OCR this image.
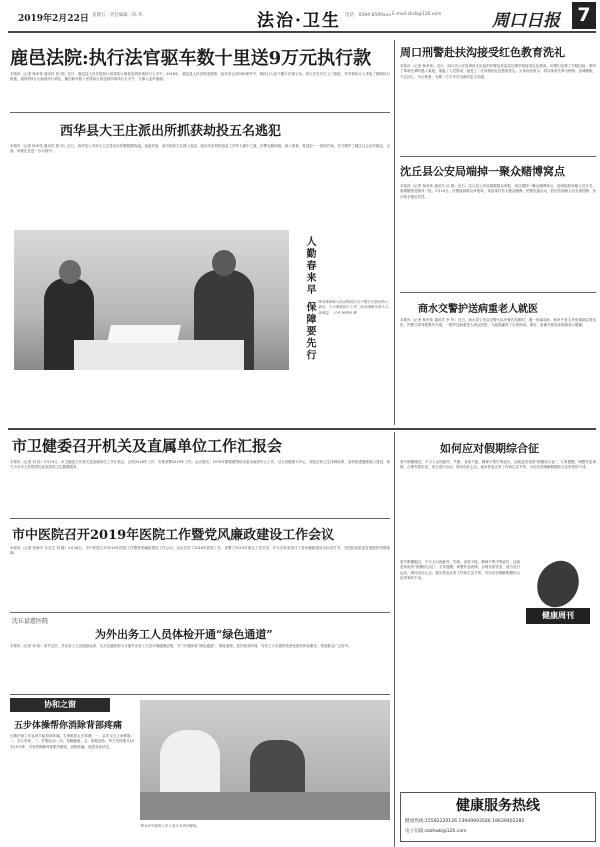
2019年2月22日 星期五 · 责任编辑 · 陈 华	法治·卫生 电话：0394-8599xxx E-mail:zkrb@126.com	周口日报 7
鹿邑法院:执行法官驱车数十里送9万元执行款
本报讯（记者 杨孝伟 通讯员 张 明）近日，鹿邑县人民法院执行局将执行案款送到申请执行人手中。2018年，鹿邑县人民法院受理的一起劳务合同纠纷案件中，被执行人拒不履行法律义务。执行法官多次上门督促，并对被执行人采取了强制执行措施，最终将9万元案款执行到位，随后驱车数十里将执行款送到申请执行人手中，当事人连声道谢。
西华县大王庄派出所抓获劫投五名逃犯
本报讯（记者 杨孝伟 通讯员 郭 伟）近日，西华县公安局大王庄派出所民警根据线索，连续作战，成功抓获五名网上逃犯。派出所坚持把追逃工作作为重中之重，民警克服困难，深入排查，将逃犯一一抓获归案，有力维护了辖区社会治安稳定。目前，该案正在进一步办理中。
人勤春来早 保障要先行 图为郸城县人民法院执行局干警正在整理执行案卷，全力推进执行工作，依法保障当事人合法权益。 记者 杨孝伟 摄
周口刑警赴扶沟接受红色教育洗礼
本报讯（记者 杨孝伟）近日，周口市公安局刑侦支队组织民警赴扶沟县吕潭学校接受红色教育。民警们参观了学校旧址，聆听了革命先辈的感人事迹，重温了入党誓词，接受了一次深刻的红色教育洗礼。大家纷纷表示，将以革命先辈为榜样，忠诚履职，不忘初心，牢记使命，为保一方平安作出新的更大贡献。
沈丘县公安局端掉一聚众赌博窝点
本报讯（记者 杨孝伟 通讯员 孙 强）近日，沈丘县公安局根据群众举报，成功端掉一聚众赌博窝点，现场抓获涉赌人员多名，收缴赌资及赌具一批。2月15日，民警接到群众举报称，该县某村有人聚众赌博。民警迅速出动，依法将参赌人员全部控制，依法给予相应处罚。
商水交警护送病重老人就医
本报讯（记者 杨孝伟 通讯员 李 华）近日，商水县公安局交警大队民警在执勤时，遇一家属求助，称家中老人突发重病急需送医。民警立即驾驶警车开道，一路护送病重老人到达医院，为抢救赢得了宝贵时间。事后，家属专程送来锦旗表示感谢。
市卫健委召开机关及直属单位工作汇报会
本报讯（记者 刘 伟）2月19日，市卫健委召开机关及直属单位工作汇报会，总结2018年工作，安排部署2019年工作。会议指出，2019年要紧紧围绕市委市政府中心工作，以人民健康为中心，深化医药卫生体制改革，加快推进健康周口建设，努力为全市人民提供优质高效的卫生健康服务。
如何应对假期综合征
春节假期刚过，不少人出现疲劳、失眠、食欲不振、精神不集中等症状，这就是常说的“假期综合征”。专家提醒，调整作息规律，合理安排饮食，适当进行运动，保持良好心态，逐步恢复正常工作和生活节奏，可以有效缓解假期综合征带来的不适。
春节假期刚过，不少人出现疲劳、失眠、食欲不振、精神不集中等症状，这就是常说的“假期综合征”。专家提醒，调整作息规律，合理安排饮食，适当进行运动，保持良好心态，逐步恢复正常工作和生活节奏，可以有效缓解假期综合征带来的不适。
健康周刊
市中医院召开2019年医院工作暨党风廉政建设工作会议
本报讯（记者 张海平 实习生 刘 静）2月18日，市中医院召开2019年医院工作暨党风廉政建设工作会议。会议总结了2018年医院工作，部署了2019年重点工作任务，并与各科室签订了党风廉政建设目标责任书，为医院高质量发展提供坚强保障。
沈丘县慈医院
为外出务工人员体检开通“绿色通道”
本报讯（记者 刘 伟）春节过后，外出务工人员陆续返岗，沈丘县慈医院为方便外出务工人员办理健康证明，专门开通体检“绿色通道”，简化流程，延长服务时间，为务工人员提供快捷优质的体检服务，受到群众广泛好评。
协和之窗
五步体操帮你消除背部疼痛
长期伏案工作容易引起背部疼痛。专家推荐五步体操：一、双手交叉上举伸展；二、左右转体；三、扩胸运动；四、弯腰触地；五、原地放松。每天坚持练习10至15分钟，可有效缓解背部肌肉紧张，消除疼痛，改善身体状态。
图为市中医院工作人员在为患者服务。
健康服务热线
健康热线:15592220126 13949993566 18639402285
电子信箱:skzhwb@126.com
